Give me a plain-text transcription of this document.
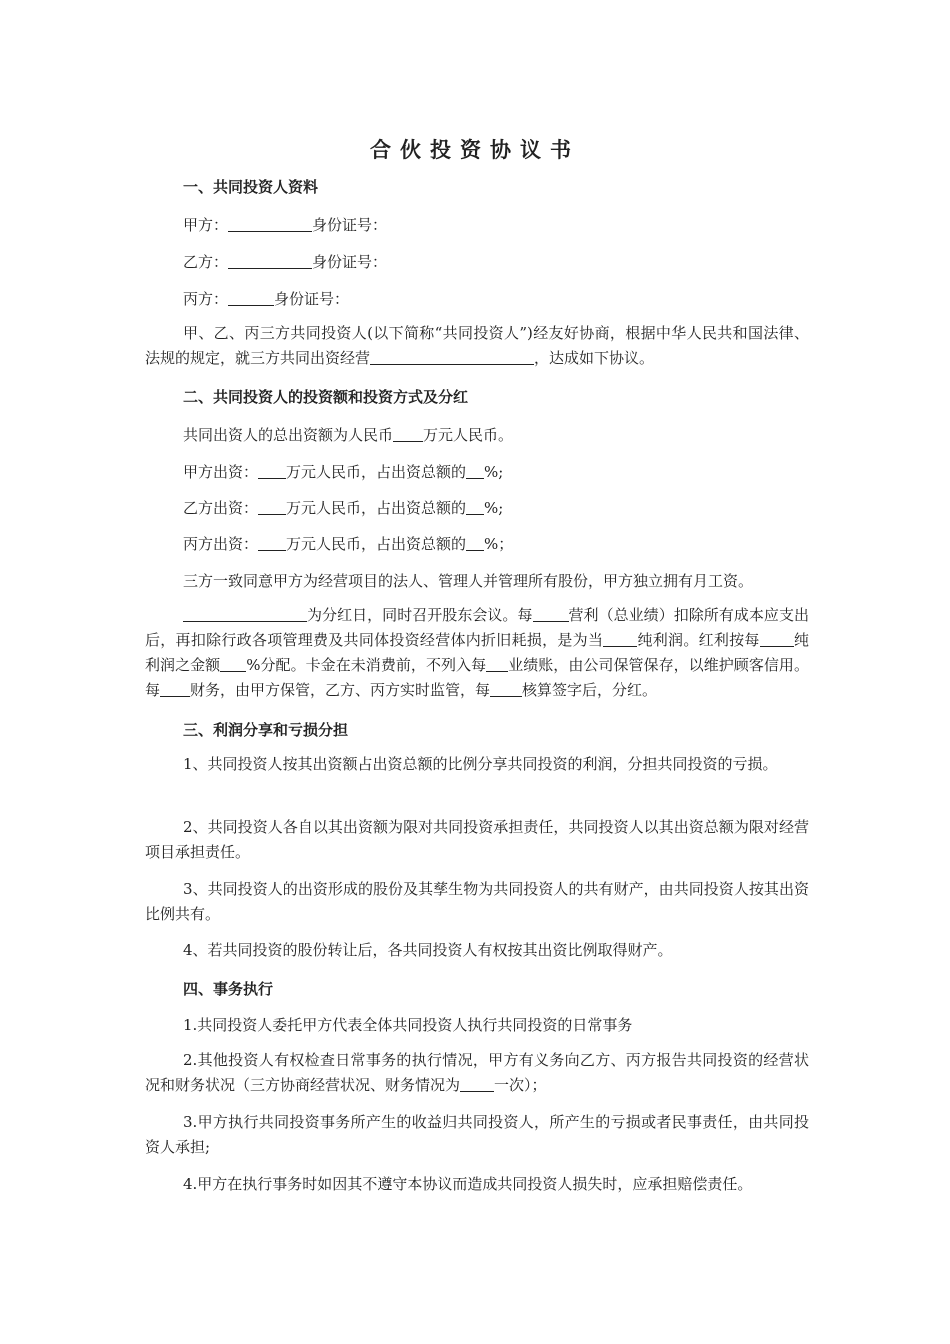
合伙投资协议书
一、共同投资人资料
甲方：	身份证号：
乙方：	身份证号：
丙方：	身份证号：
甲、乙、丙三方共同投资人(以下简称“共同投资人”)经友好协商，根据中华人民共和国法律、法规的规定，就三方共同出资经营	，达成如下协议。
二、共同投资人的投资额和投资方式及分红
共同出资人的总出资额为人民币 万元人民币。
甲方出资： 万元人民币，占出资总额的 %;
乙方出资： 万元人民币，占出资总额的 %;
丙方出资： 万元人民币，占出资总额的 %；
三方一致同意甲方为经营项目的法人、管理人并管理所有股份，甲方独立拥有月工资。
为分红日，同时召开股东会议。每 营利（总业绩）扣除所有成本应支出后，再扣除行政各项管理费及共同体投资经营体内折旧耗损，是为当 纯利润。红利按每 纯利润之金额 %分配。卡金在未消费前，不列入每 业绩账，由公司保管保存，以维护顾客信用。每 财务，由甲方保管，乙方、丙方实时监管，每 核算签字后，分红。
三、利润分享和亏损分担
1、共同投资人按其出资额占出资总额的比例分享共同投资的利润，分担共同投资的亏损。
2、共同投资人各自以其出资额为限对共同投资承担责任，共同投资人以其出资总额为限对经营项目承担责任。
3、共同投资人的出资形成的股份及其孳生物为共同投资人的共有财产，由共同投资人按其出资比例共有。
4、若共同投资的股份转让后，各共同投资人有权按其出资比例取得财产。
四、事务执行
1.共同投资人委托甲方代表全体共同投资人执行共同投资的日常事务
2.其他投资人有权检查日常事务的执行情况，甲方有义务向乙方、丙方报告共同投资的经营状况和财务状况（三方协商经营状况、财务情况为 一次）；
3.甲方执行共同投资事务所产生的收益归共同投资人，所产生的亏损或者民事责任，由共同投资人承担;
4.甲方在执行事务时如因其不遵守本协议而造成共同投资人损失时，应承担赔偿责任。
